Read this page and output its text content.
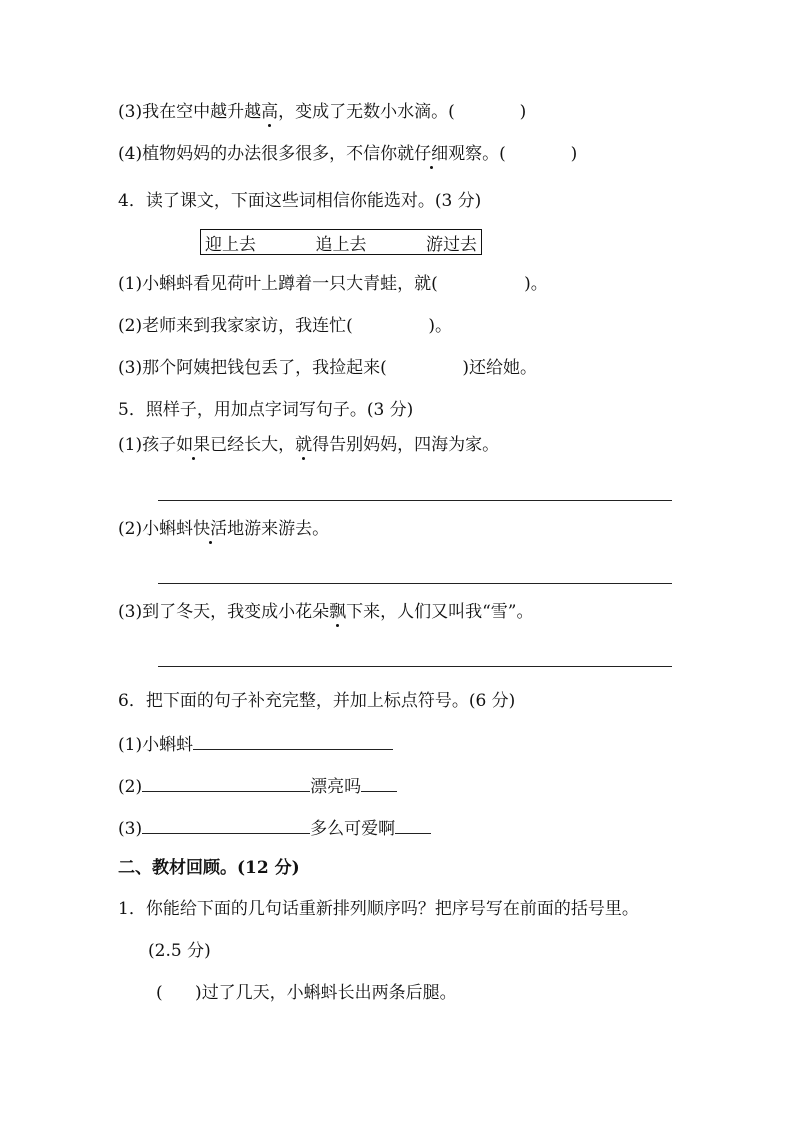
(3)我在空中越升越高，变成了无数小水滴。(            )

(4)植物妈妈的办法很多很多，不信你就仔细观察。(            )

4．读了课文，下面这些词相信你能选对。(3 分)

迎上去	追上去	游过去

(1)小蝌蚪看见荷叶上蹲着一只大青蛙，就(                )。

(2)老师来到我家家访，我连忙(              )。

(3)那个阿姨把钱包丢了，我捡起来(              )还给她。

5．照样子，用加点字词写句子。(3 分)

(1)孩子如果已经长大，就得告别妈妈，四海为家。

(2)小蝌蚪快活地游来游去。

(3)到了冬天，我变成小花朵飘下来，人们又叫我“雪”。

6．把下面的句子补充完整，并加上标点符号。(6 分)

(1)小蝌蚪

(2)	漂亮吗

(3)	多么可爱啊

二、教材回顾。(12 分)

1．你能给下面的几句话重新排列顺序吗？把序号写在前面的括号里。

(2.5 分)

(      )过了几天，小蝌蚪长出两条后腿。
